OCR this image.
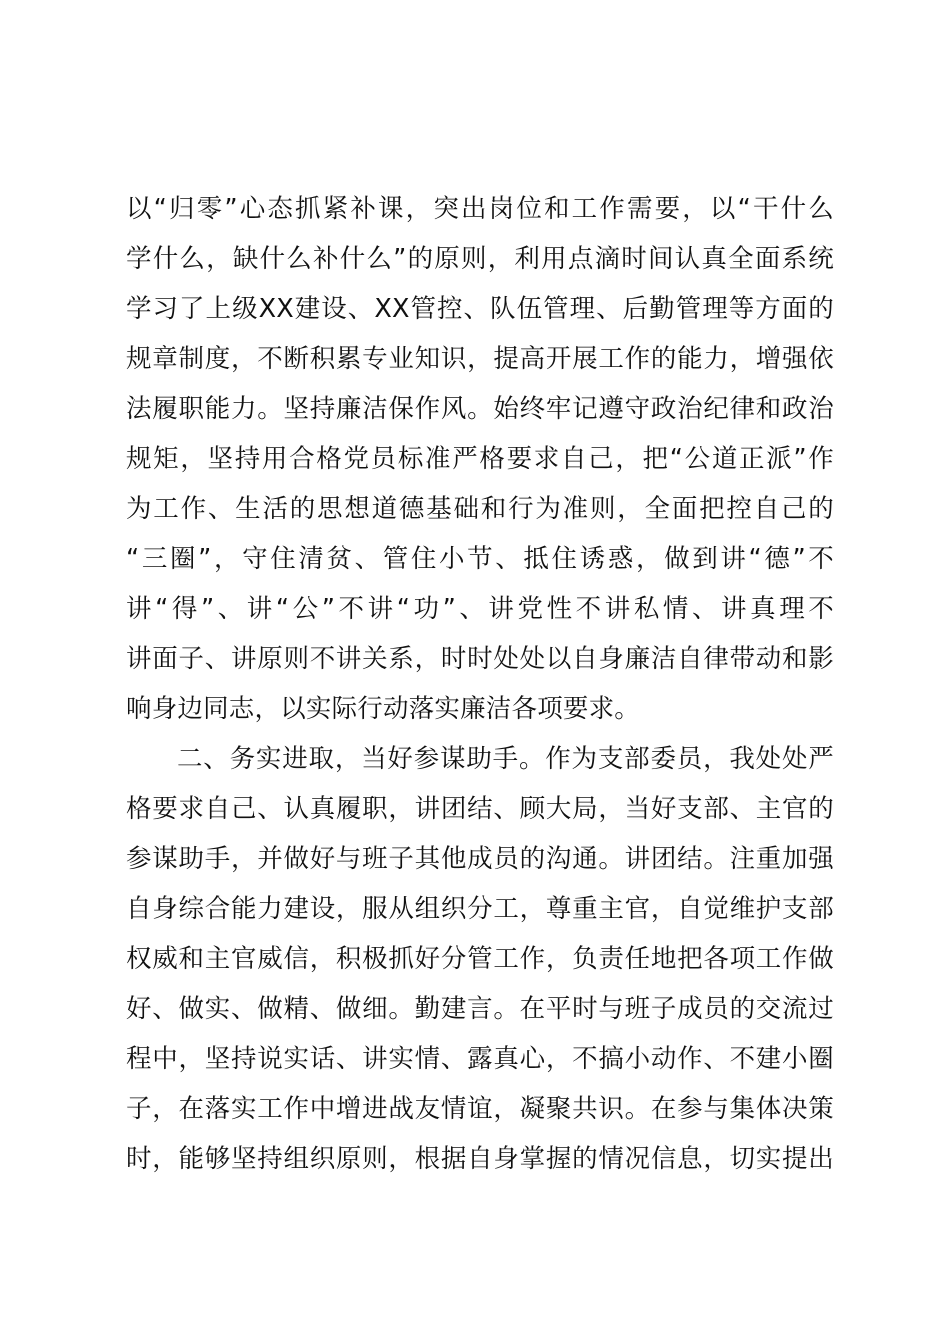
以“归零”心态抓紧补课，突出岗位和工作需要，以“干什么
学什么，缺什么补什么”的原则，利用点滴时间认真全面系统
学习了上级XX建设、XX管控、队伍管理、后勤管理等方面的
规章制度，不断积累专业知识，提高开展工作的能力，增强依
法履职能力。坚持廉洁保作风。始终牢记遵守政治纪律和政治
规矩，坚持用合格党员标准严格要求自己，把“公道正派”作
为工作、生活的思想道德基础和行为准则，全面把控自己的
“三圈”，守住清贫、管住小节、抵住诱惑，做到讲“德”不
讲“得”、讲“公”不讲“功”、讲党性不讲私情、讲真理不
讲面子、讲原则不讲关系，时时处处以自身廉洁自律带动和影
响身边同志，以实际行动落实廉洁各项要求。
二、务实进取，当好参谋助手。作为支部委员，我处处严
格要求自己、认真履职，讲团结、顾大局，当好支部、主官的
参谋助手，并做好与班子其他成员的沟通。讲团结。注重加强
自身综合能力建设，服从组织分工，尊重主官，自觉维护支部
权威和主官威信，积极抓好分管工作，负责任地把各项工作做
好、做实、做精、做细。勤建言。在平时与班子成员的交流过
程中，坚持说实话、讲实情、露真心，不搞小动作、不建小圈
子，在落实工作中增进战友情谊，凝聚共识。在参与集体决策
时，能够坚持组织原则，根据自身掌握的情况信息，切实提出
